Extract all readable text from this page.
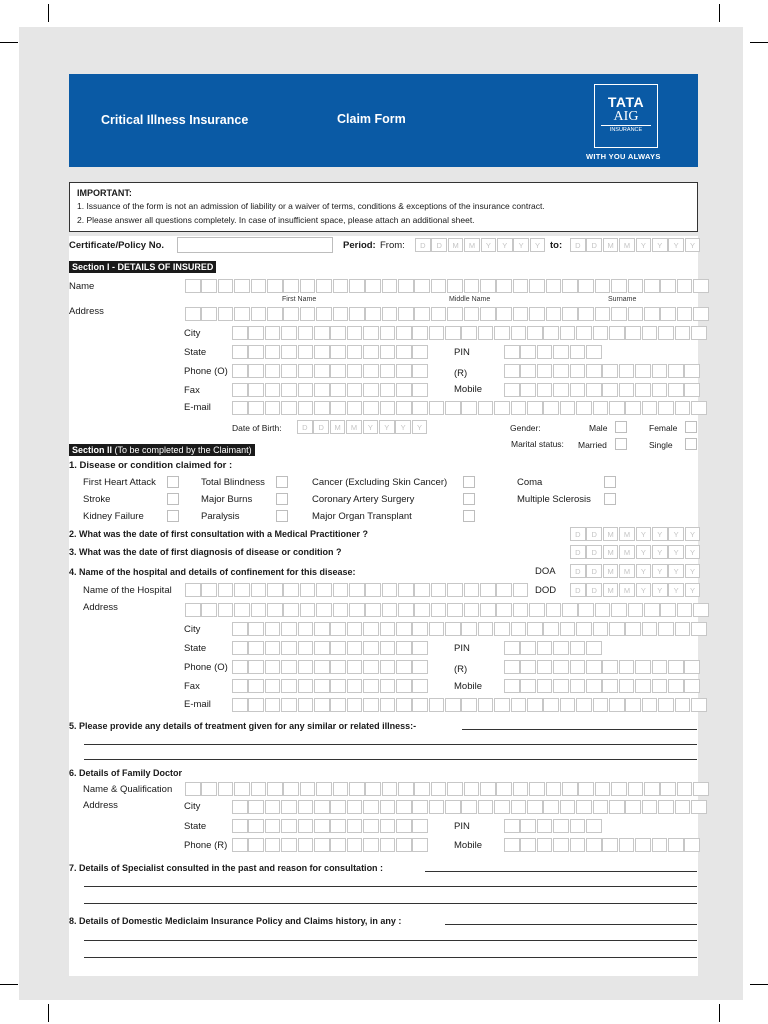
Critical Illness Insurance	Claim Form
TATA
AIG
INSURANCE
WITH YOU ALWAYS
IMPORTANT:
1. Issuance of the form is not an admission of liability or a waiver of terms, conditions & exceptions of the insurance contract.
2. Please answer all questions completely. In case of insufficient space, please attach an additional sheet.
Certificate/Policy No.	Period: From:	D	D	M	M	Y	Y	Y	Y	to:	D	D	M	M	Y	Y	Y	Y
Section I - DETAILS OF INSURED
Name
First Name	Middle Name	Surname
Address
City
State	PIN
Phone (O)	(R)
Fax	Mobile
E-mail
Date of Birth:	D	D	M	M	Y	Y	Y	Y	Gender:	Male	Female
Marital status: Married	Single
Section II (To be completed by the Claimant)
1. Disease or condition claimed for :
First Heart Attack
Stroke
Kidney Failure
Total Blindness
Major Burns
Paralysis
Cancer (Excluding Skin Cancer)
Coronary Artery Surgery
Major Organ Transplant
Coma
Multiple Sclerosis
2. What was the date of first consultation with a Medical Practitioner ?	D	D	M	M	Y	Y	Y	Y
3. What was the date of first diagnosis of disease or condition ?	D	D	M	M	Y	Y	Y	Y
4. Name of the hospital and details of confinement for this disease:	DOA	D	D	M	M	Y	Y	Y	Y
Name of the Hospital	DOD	D	D	M	M	Y	Y	Y	Y
Address
City
State	PIN
Phone (O)	(R)
Fax	Mobile
E-mail
5. Please provide any details of treatment given for any similar or related illness:-
6. Details of Family Doctor
Name & Qualification
Address	City
State	PIN
Phone (R)	Mobile
7. Details of Specialist consulted in the past and reason for consultation :
8. Details of Domestic Mediclaim Insurance Policy and Claims history, in any :
